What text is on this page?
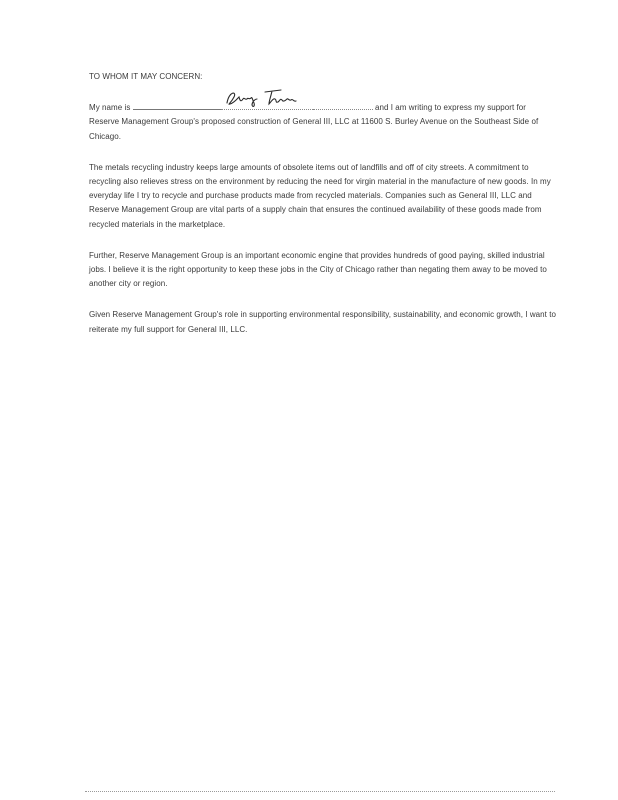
TO WHOM IT MAY CONCERN:

My name is	and I am writing to express my support for Reserve Management Group's proposed construction of General III, LLC at 11600 S. Burley Avenue on the Southeast Side of Chicago.

The metals recycling industry keeps large amounts of obsolete items out of landfills and off of city streets. A commitment to recycling also relieves stress on the environment by reducing the need for virgin material in the manufacture of new goods. In my everyday life I try to recycle and purchase products made from recycled materials. Companies such as General III, LLC and Reserve Management Group are vital parts of a supply chain that ensures the continued availability of these goods made from recycled materials in the marketplace.

Further, Reserve Management Group is an important economic engine that provides hundreds of good paying, skilled industrial jobs. I believe it is the right opportunity to keep these jobs in the City of Chicago rather than negating them away to be moved to another city or region.

Given Reserve Management Group's role in supporting environmental responsibility, sustainability, and economic growth, I want to reiterate my full support for General III, LLC.
